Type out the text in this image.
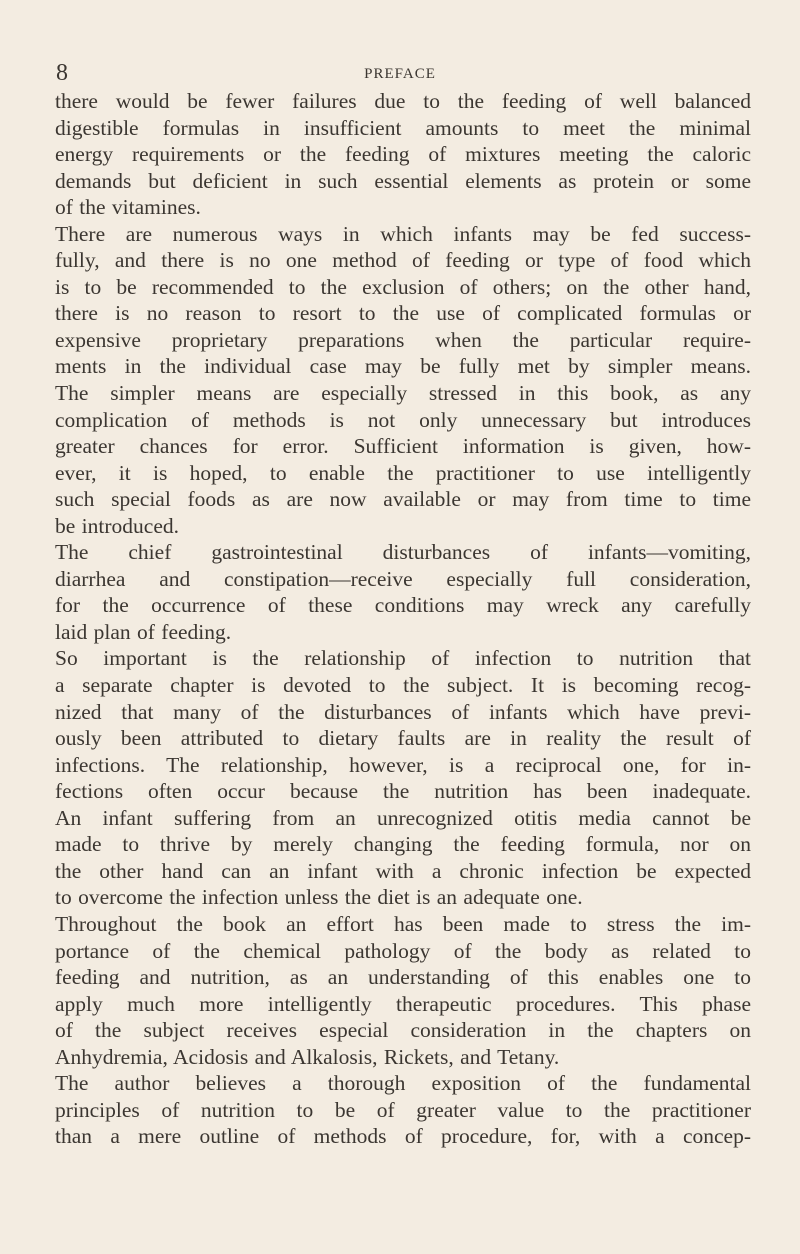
8	PREFACE
there would be fewer failures due to the feeding of well balanced
digestible formulas in insufficient amounts to meet the minimal
energy requirements or the feeding of mixtures meeting the caloric
demands but deficient in such essential elements as protein or some
of the vitamines.
There are numerous ways in which infants may be fed success-
fully, and there is no one method of feeding or type of food which
is to be recommended to the exclusion of others; on the other hand,
there is no reason to resort to the use of complicated formulas or
expensive proprietary preparations when the particular require-
ments in the individual case may be fully met by simpler means.
The simpler means are especially stressed in this book, as any
complication of methods is not only unnecessary but introduces
greater chances for error. Sufficient information is given, how-
ever, it is hoped, to enable the practitioner to use intelligently
such special foods as are now available or may from time to time
be introduced.
The chief gastrointestinal disturbances of infants—vomiting,
diarrhea and constipation—receive especially full consideration,
for the occurrence of these conditions may wreck any carefully
laid plan of feeding.
So important is the relationship of infection to nutrition that
a separate chapter is devoted to the subject. It is becoming recog-
nized that many of the disturbances of infants which have previ-
ously been attributed to dietary faults are in reality the result of
infections. The relationship, however, is a reciprocal one, for in-
fections often occur because the nutrition has been inadequate.
An infant suffering from an unrecognized otitis media cannot be
made to thrive by merely changing the feeding formula, nor on
the other hand can an infant with a chronic infection be expected
to overcome the infection unless the diet is an adequate one.
Throughout the book an effort has been made to stress the im-
portance of the chemical pathology of the body as related to
feeding and nutrition, as an understanding of this enables one to
apply much more intelligently therapeutic procedures. This phase
of the subject receives especial consideration in the chapters on
Anhydremia, Acidosis and Alkalosis, Rickets, and Tetany.
The author believes a thorough exposition of the fundamental
principles of nutrition to be of greater value to the practitioner
than a mere outline of methods of procedure, for, with a concep-
